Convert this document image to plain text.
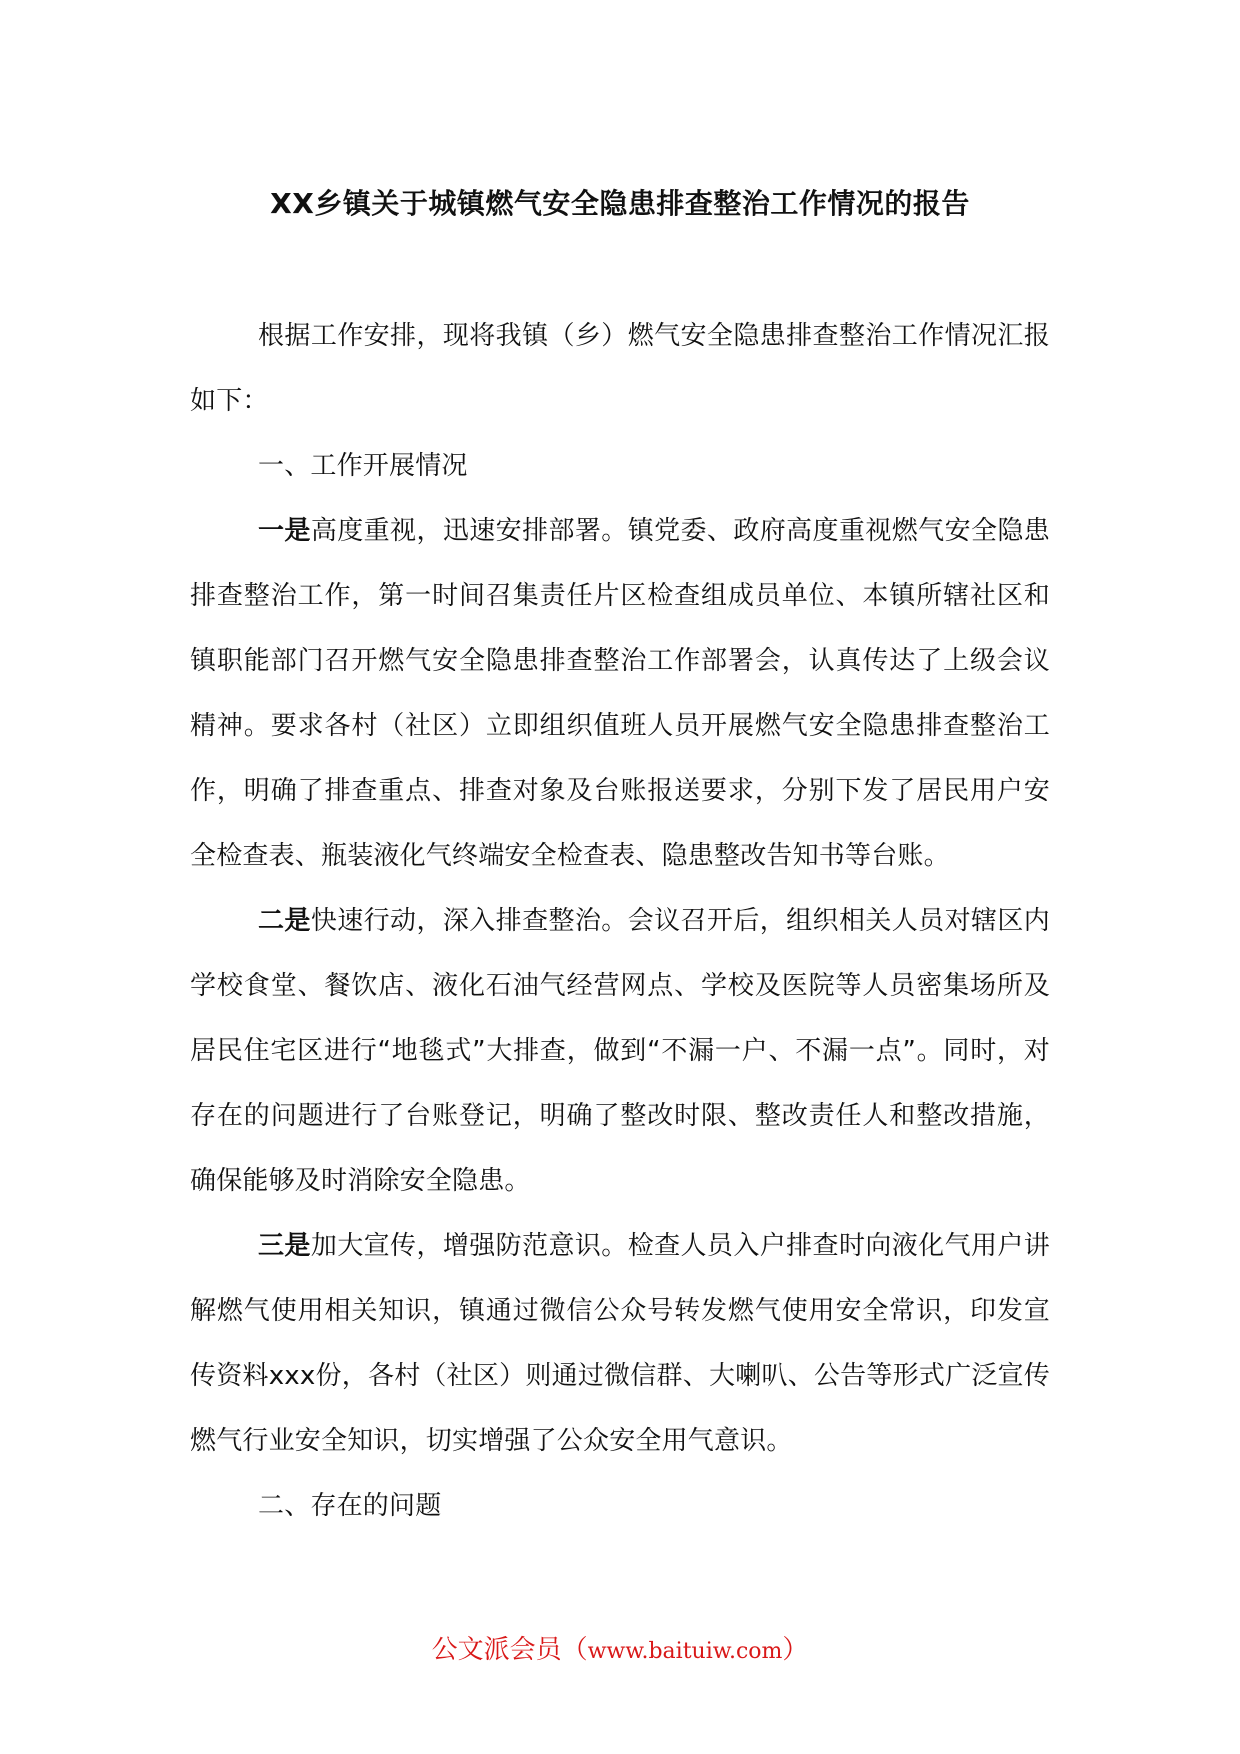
XX乡镇关于城镇燃气安全隐患排查整治工作情况的报告

根据工作安排，现将我镇（乡）燃气安全隐患排查整治工作情况汇报如下：

一、工作开展情况

一是高度重视，迅速安排部署。镇党委、政府高度重视燃气安全隐患排查整治工作，第一时间召集责任片区检查组成员单位、本镇所辖社区和镇职能部门召开燃气安全隐患排查整治工作部署会，认真传达了上级会议精神。要求各村（社区）立即组织值班人员开展燃气安全隐患排查整治工作，明确了排查重点、排查对象及台账报送要求，分别下发了居民用户安全检查表、瓶装液化气终端安全检查表、隐患整改告知书等台账。

二是快速行动，深入排查整治。会议召开后，组织相关人员对辖区内学校食堂、餐饮店、液化石油气经营网点、学校及医院等人员密集场所及居民住宅区进行“地毯式”大排查，做到“不漏一户、不漏一点”。同时，对存在的问题进行了台账登记，明确了整改时限、整改责任人和整改措施，确保能够及时消除安全隐患。

三是加大宣传，增强防范意识。检查人员入户排查时向液化气用户讲解燃气使用相关知识，镇通过微信公众号转发燃气使用安全常识，印发宣传资料xxx份，各村（社区）则通过微信群、大喇叭、公告等形式广泛宣传燃气行业安全知识，切实增强了公众安全用气意识。

二、存在的问题

公文派会员（www.baituiw.com）
